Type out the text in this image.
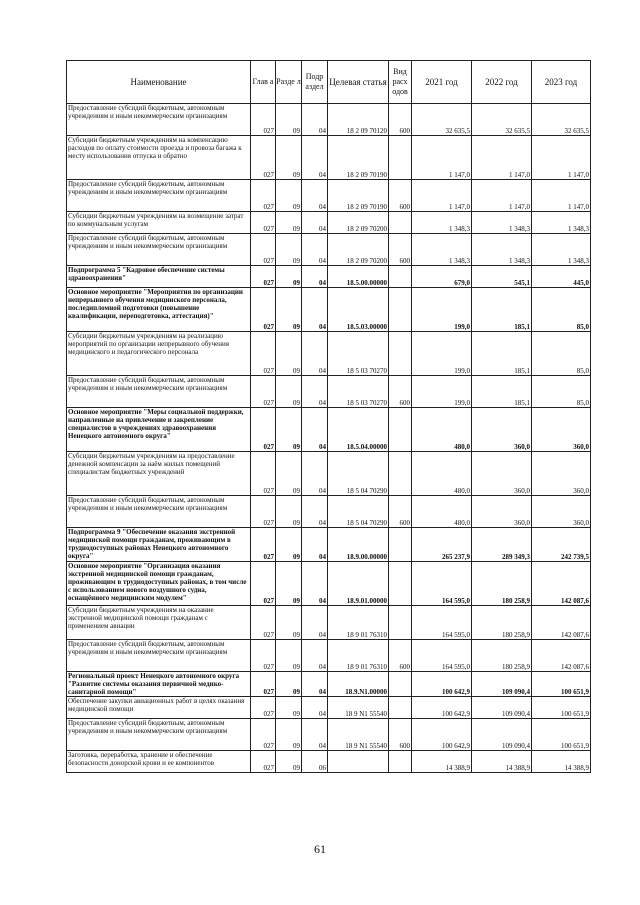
Наименование	Глав а	Разде л	Подр аздел	Целевая статья	Вид расх одов	2021 год	2022 год	2023 год
Предоставление субсидий бюджетным, автономным учреждениям и иным некоммерческим организациям	027	09	04	18 2 09 70120	600	32 635,5	32 635,5	32 635,5
Субсидии бюджетным учреждениям на компенсацию расходов по оплату стоимости проезда и провоза багажа к месту использования отпуска и обратно	027	09	04	18 2 09 70190		1 147,0	1 147,0	1 147,0
Предоставление субсидий бюджетным, автономным учреждениям и иным некоммерческим организациям	027	09	04	18 2 09 70190	600	1 147,0	1 147,0	1 147,0
Субсидии бюджетным учреждениям на возмещение затрат по коммунальным услугам	027	09	04	18 2 09 70200		1 348,3	1 348,3	1 348,3
Предоставление субсидий бюджетным, автономным учреждениям и иным некоммерческим организациям	027	09	04	18 2 09 70200	600	1 348,3	1 348,3	1 348,3
Подпрограмма 5 "Кадровое обеспечение системы здравоохранения"	027	09	04	18.5.00.00000		679,0	545,1	445,0
Основное мероприятие "Мероприятия по организации непрерывного обучения медицинского персонала, последипломной подготовки (повышение квалификации, переподготовка, аттестация)"	027	09	04	18.5.03.00000		199,0	185,1	85,0
Субсидии бюджетным учреждениям на реализацию мероприятий по организации непрерывного обучения медицинского и педагогического персонала	027	09	04	18 5 03 70270		199,0	185,1	85,0
Предоставление субсидий бюджетным, автономным учреждениям и иным некоммерческим организациям	027	09	04	18 5 03 70270	600	199,0	185,1	85,0
Основное мероприятие "Меры социальной поддержки, направленные на привлечение и закрепление специалистов в учреждениях здравоохранения Ненецкого автономного округа"	027	09	04	18.5.04.00000		480,0	360,0	360,0
Субсидии бюджетным учреждениям на предоставление денежной компенсации за наём жилых помещений специалистам бюджетных учреждений	027	09	04	18 5 04 70290		480,0	360,0	360,0
Предоставление субсидий бюджетным, автономным учреждениям и иным некоммерческим организациям	027	09	04	18 5 04 70290	600	480,0	360,0	360,0
Подпрограмма 9 "Обеспечение оказания экстренной медицинской помощи гражданам, проживающим в труднодоступных районах Ненецкого автономного округа"	027	09	04	18.9.00.00000		265 237,9	289 349,3	242 739,5
Основное мероприятие "Организация оказания экстренной медицинской помощи гражданам, проживающим в труднодоступных районах, в том числе с использованием нового воздушного судна, оснащённого медицинским модулем"	027	09	04	18.9.01.00000		164 595,0	180 258,9	142 087,6
Субсидии бюджетным учреждениям на оказание экстренной медицинской помощи гражданам с применением авиации	027	09	04	18 9 01 76310		164 595,0	180 258,9	142 087,6
Предоставление субсидий бюджетным, автономным учреждениям и иным некоммерческим организациям	027	09	04	18 9 01 76310	600	164 595,0	180 258,9	142 087,6
Региональный проект Ненецкого автономного округа "Развитие системы оказания первичной медико-санитарной помощи"	027	09	04	18.9.N1.00000		100 642,9	109 090,4	100 651,9
Обеспечение закупки авиационных работ в целях оказания медицинской помощи	027	09	04	18 9 N1 55540		100 642,9	109 090,4	100 651,9
Предоставление субсидий бюджетным, автономным учреждениям и иным некоммерческим организациям	027	09	04	18 9 N1 55540	600	100 642,9	109 090,4	100 651,9
Заготовка, переработка, хранение и обеспечение безопасности донорской крови и ее компонентов	027	09	06			14 388,9	14 388,9	14 388,9
61
